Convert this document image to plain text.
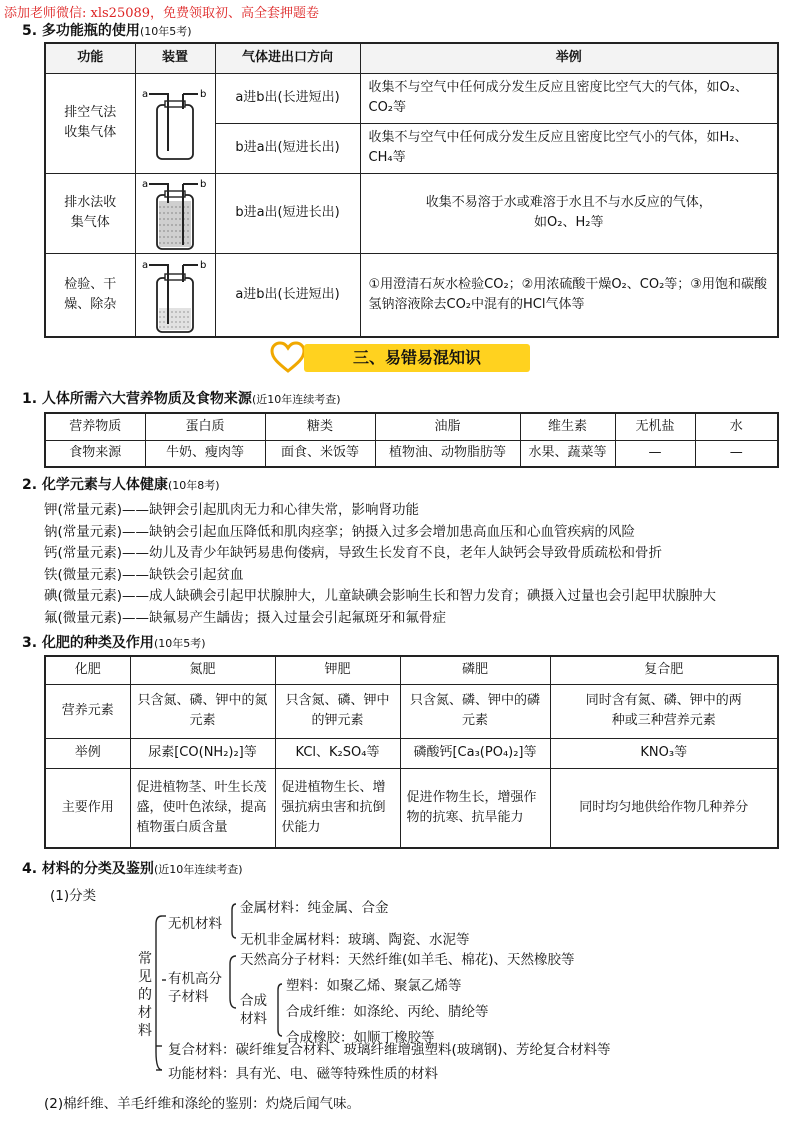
添加老师微信: xls25089，免费领取初、高全套押题卷
5. 多功能瓶的使用(10年5考)
功能	装置	气体进出口方向	举例
排空气法收集气体	a b	a进b出(长进短出)	收集不与空气中任何成分发生反应且密度比空气大的气体，如O₂、CO₂等
		b进a出(短进长出)	收集不与空气中任何成分发生反应且密度比空气小的气体，如H₂、CH₄等
排水法收集气体	a b	b进a出(短进长出)	收集不易溶于水或难溶于水且不与水反应的气体，如O₂、H₂等
检验、干燥、除杂	a b	a进b出(长进短出)	①用澄清石灰水检验CO₂；②用浓硫酸干燥O₂、CO₂等；③用饱和碳酸氢钠溶液除去CO₂中混有的HCl气体等
三、易错易混知识
1. 人体所需六大营养物质及食物来源(近10年连续考查)
营养物质	蛋白质	糖类	油脂	维生素	无机盐	水
食物来源	牛奶、瘦肉等	面食、米饭等	植物油、动物脂肪等	水果、蔬菜等	—	—
2. 化学元素与人体健康(10年8考)
钾(常量元素)——缺钾会引起肌肉无力和心律失常，影响肾功能
钠(常量元素)——缺钠会引起血压降低和肌肉痉挛；钠摄入过多会增加患高血压和心血管疾病的风险
钙(常量元素)——幼儿及青少年缺钙易患佝偻病，导致生长发育不良，老年人缺钙会导致骨质疏松和骨折
铁(微量元素)——缺铁会引起贫血
碘(微量元素)——成人缺碘会引起甲状腺肿大，儿童缺碘会影响生长和智力发育；碘摄入过量也会引起甲状腺肿大
氟(微量元素)——缺氟易产生龋齿；摄入过量会引起氟斑牙和氟骨症
3. 化肥的种类及作用(10年5考)
化肥	氮肥	钾肥	磷肥	复合肥
营养元素	只含氮、磷、钾中的氮元素	只含氮、磷、钾中的钾元素	只含氮、磷、钾中的磷元素	同时含有氮、磷、钾中的两种或三种营养元素
举例	尿素[CO(NH₂)₂]等	KCl、K₂SO₄等	磷酸钙[Ca₃(PO₄)₂]等	KNO₃等
主要作用	促进植物茎、叶生长茂盛，使叶色浓绿，提高植物蛋白质含量	促进植物生长、增强抗病虫害和抗倒伏能力	促进作物生长，增强作物的抗寒、抗旱能力	同时均匀地供给作物几种养分
4. 材料的分类及鉴别(近10年连续考查)
(1)分类
常见的材料
无机材料
金属材料：纯金属、合金
无机非金属材料：玻璃、陶瓷、水泥等
有机高分子材料
天然高分子材料：天然纤维(如羊毛、棉花)、天然橡胶等
合成材料
塑料：如聚乙烯、聚氯乙烯等
合成纤维：如涤纶、丙纶、腈纶等
合成橡胶：如顺丁橡胶等
复合材料：碳纤维复合材料、玻璃纤维增强塑料(玻璃钢)、芳纶复合材料等
功能材料：具有光、电、磁等特殊性质的材料
(2)棉纤维、羊毛纤维和涤纶的鉴别：灼烧后闻气味。
